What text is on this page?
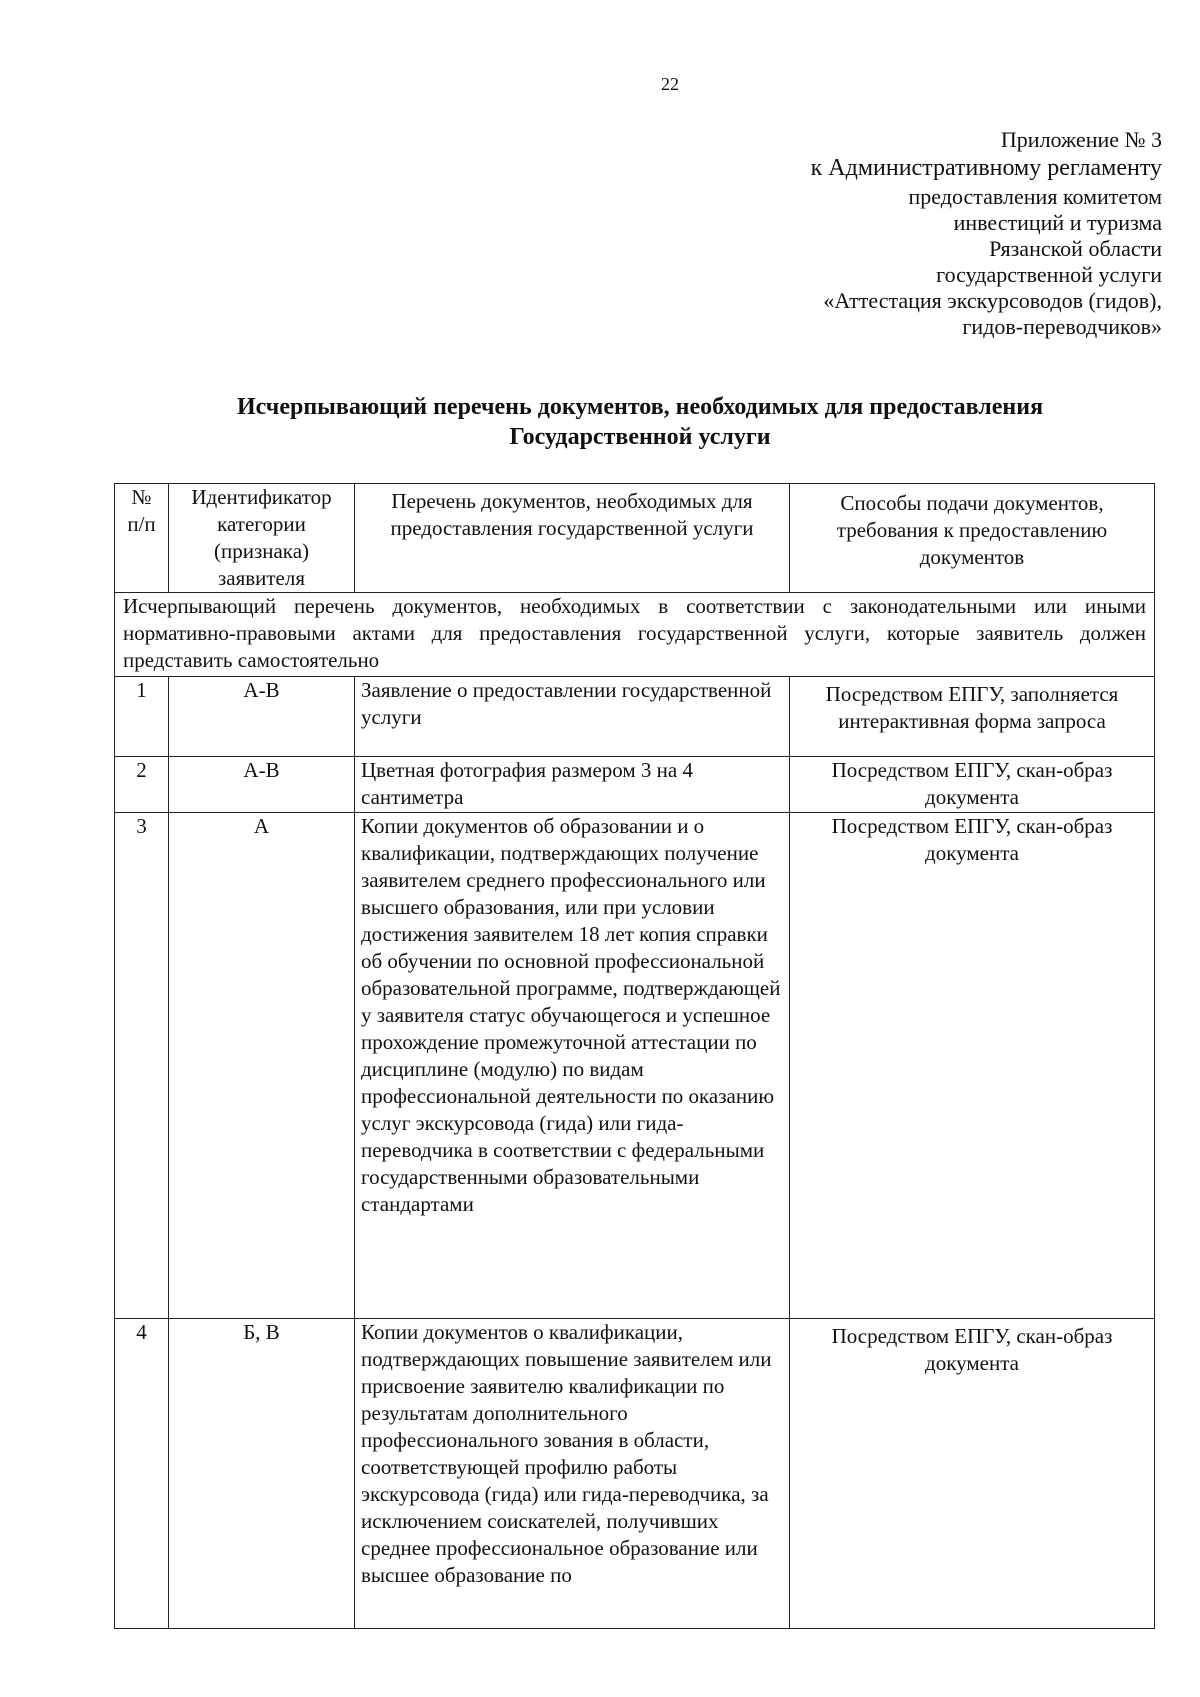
22
Приложение № 3
к Административному регламенту
предоставления комитетом
инвестиций и туризма
Рязанской области
государственной услуги
«Аттестация экскурсоводов (гидов),
гидов-переводчиков»
Исчерпывающий перечень документов, необходимых для предоставления
Государственной услуги
№ п/п	Идентификатор категории (признака) заявителя	Перечень документов, необходимых для предоставления государственной услуги	Способы подачи документов, требования к предоставлению документов
Исчерпывающий перечень документов, необходимых в соответствии с законодательными или иными нормативно-правовыми актами для предоставления государственной услуги, которые заявитель должен представить самостоятельно			
1	А-В	Заявление о предоставлении государственной услуги	Посредством ЕПГУ, заполняется интерактивная форма запроса
2	А-В	Цветная фотография размером 3 на 4 сантиметра	Посредством ЕПГУ, скан-образ документа
3	А	Копии документов об образовании и о квалификации, подтверждающих получение заявителем среднего профессионального или высшего образования, или при условии достижения заявителем 18 лет копия справки об обучении по основной профессиональной образовательной программе, подтверждающей у заявителя статус обучающегося и успешное прохождение промежуточной аттестации по дисциплине (модулю) по видам профессиональной деятельности по оказанию услуг экскурсовода (гида) или гида-переводчика в соответствии с федеральными государственными образовательными стандартами	Посредством ЕПГУ, скан-образ документа
4	Б, В	Копии документов о квалификации, подтверждающих повышение заявителем или присвоение заявителю квалификации по результатам дополнительного профессионального зования в области, соответствующей профилю работы экскурсовода (гида) или гида-переводчика, за исключением соискателей, получивших среднее профессиональное образование или высшее образование по	Посредством ЕПГУ, скан-образ документа
